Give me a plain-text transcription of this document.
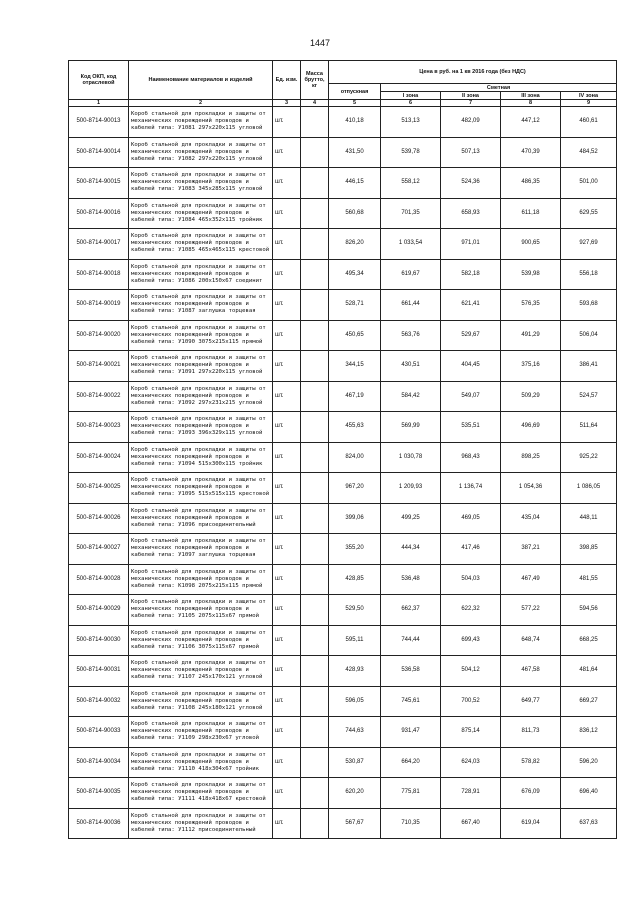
1447
Код ОКП, код отраслевой	Наименование материалов и изделий	Ед. изм.	Масса брутто, кг	Цена в руб. на 1 кв 2016 года (без НДС)				
				отпускная	Сметная			
					I зона	II зона	III зона	IV зона
1	2	3	4	5	6	7	8	9
500-8714-90013	Короб стальной для прокладки и защиты от механических повреждений проводов и кабелей типа: У1081 297х220х115 угловой	шт.		410,18	513,13	482,09	447,12	460,61
500-8714-90014	Короб стальной для прокладки и защиты от механических повреждений проводов и кабелей типа: У1082 297х220х115 угловой	шт.		431,50	539,78	507,13	470,39	484,52
500-8714-90015	Короб стальной для прокладки и защиты от механических повреждений проводов и кабелей типа: У1083 345х285х115 угловой	шт.		446,15	558,12	524,36	486,35	501,00
500-8714-90016	Короб стальной для прокладки и защиты от механических повреждений проводов и кабелей типа: У1084 465х352х115 тройник	шт.		560,68	701,35	658,93	611,18	629,55
500-8714-90017	Короб стальной для прокладки и защиты от механических повреждений проводов и кабелей типа: У1085 465х465х115 крестовой	шт.		826,20	1 033,54	971,01	900,65	927,69
500-8714-90018	Короб стальной для прокладки и защиты от механических повреждений проводов и кабелей типа: У1086 200х150х67 соединит	шт.		495,34	619,67	582,18	539,98	556,18
500-8714-90019	Короб стальной для прокладки и защиты от механических повреждений проводов и кабелей типа: У1087 заглушка торцевая	шт.		528,71	661,44	621,41	576,35	593,68
500-8714-90020	Короб стальной для прокладки и защиты от механических повреждений проводов и кабелей типа: У1090 3075х215х115 прямой	шт.		450,65	563,76	529,67	491,29	506,04
500-8714-90021	Короб стальной для прокладки и защиты от механических повреждений проводов и кабелей типа: У1091 297х220х115 угловой	шт.		344,15	430,51	404,45	375,16	386,41
500-8714-90022	Короб стальной для прокладки и защиты от механических повреждений проводов и кабелей типа: У1092 297х231х215 угловой	шт.		467,19	584,42	549,07	509,29	524,57
500-8714-90023	Короб стальной для прокладки и защиты от механических повреждений проводов и кабелей типа: У1093 396х329х115 угловой	шт.		455,63	569,99	535,51	496,69	511,64
500-8714-90024	Короб стальной для прокладки и защиты от механических повреждений проводов и кабелей типа: У1094 515х300х115 тройник	шт.		824,00	1 030,78	968,43	898,25	925,22
500-8714-90025	Короб стальной для прокладки и защиты от механических повреждений проводов и кабелей типа: У1095 515х515х115 крестовой	шт.		967,20	1 209,93	1 136,74	1 054,36	1 086,05
500-8714-90026	Короб стальной для прокладки и защиты от механических повреждений проводов и кабелей типа: У1096 присоединительный	шт.		399,06	499,25	469,05	435,04	448,11
500-8714-90027	Короб стальной для прокладки и защиты от механических повреждений проводов и кабелей типа: У1097 заглушка торцевая	шт.		355,20	444,34	417,46	387,21	398,85
500-8714-90028	Короб стальной для прокладки и защиты от механических повреждений проводов и кабелей типа: К1098 2075х215х115 прямой	шт.		428,85	536,48	504,03	467,49	481,55
500-8714-90029	Короб стальной для прокладки и защиты от механических повреждений проводов и кабелей типа: У1105 2075х115х67 прямой	шт.		529,50	662,37	622,32	577,22	594,56
500-8714-90030	Короб стальной для прокладки и защиты от механических повреждений проводов и кабелей типа: У1106 3075х115х67 прямой	шт.		595,11	744,44	699,43	648,74	668,25
500-8714-90031	Короб стальной для прокладки и защиты от механических повреждений проводов и кабелей типа: У1107 245х170х121 угловой	шт.		428,93	536,58	504,12	467,58	481,64
500-8714-90032	Короб стальной для прокладки и защиты от механических повреждений проводов и кабелей типа: У1108 245х180х121 угловой	шт.		596,05	745,61	700,52	649,77	669,27
500-8714-90033	Короб стальной для прокладки и защиты от механических повреждений проводов и кабелей типа: У1109 298х230х67 угловой	шт.		744,63	931,47	875,14	811,73	836,12
500-8714-90034	Короб стальной для прокладки и защиты от механических повреждений проводов и кабелей типа: У1110 418х304х67 тройник	шт.		530,87	664,20	624,03	578,82	596,20
500-8714-90035	Короб стальной для прокладки и защиты от механических повреждений проводов и кабелей типа: У1111 418х418х67 крестовой	шт.		620,20	775,81	728,91	676,09	696,40
500-8714-90036	Короб стальной для прокладки и защиты от механических повреждений проводов и кабелей типа: У1112 присоединительный	шт.		567,67	710,35	667,40	619,04	637,63
